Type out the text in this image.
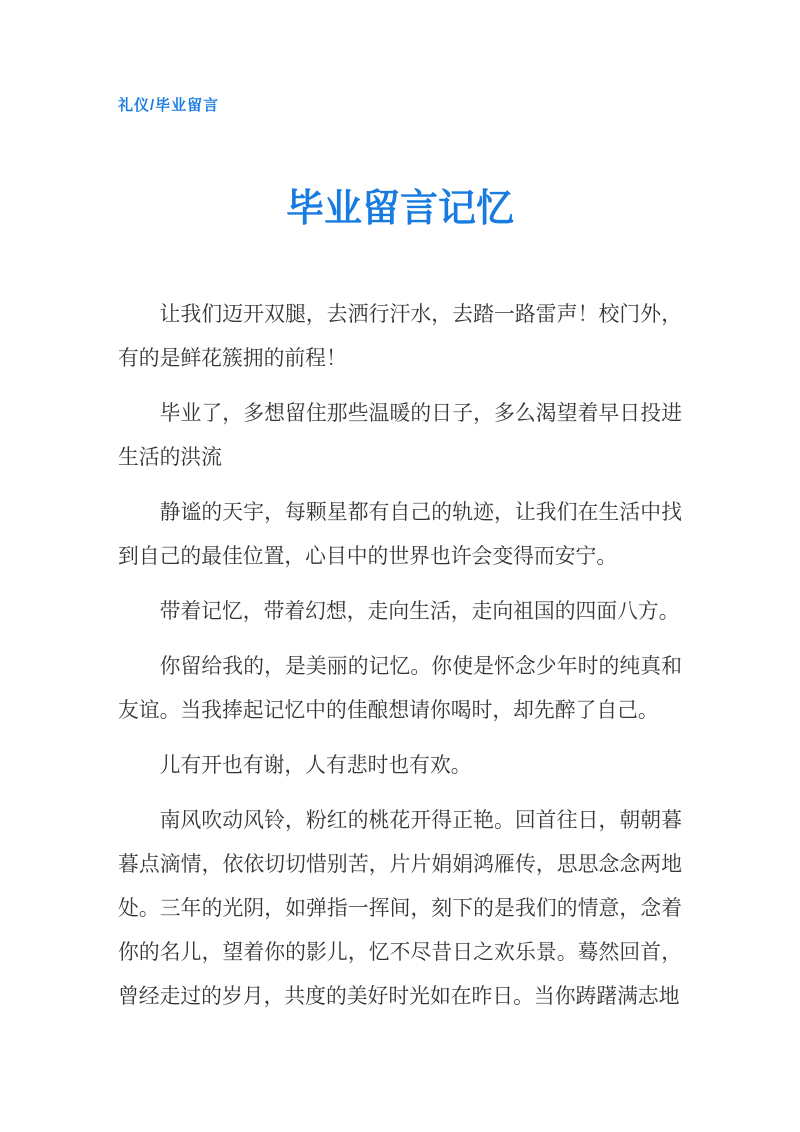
礼仪/毕业留言
毕业留言记忆

让我们迈开双腿，去洒行汗水，去踏一路雷声！校门外，有的是鲜花簇拥的前程！

毕业了，多想留住那些温暖的日子，多么渴望着早日投进生活的洪流

静谧的天宇，每颗星都有自己的轨迹，让我们在生活中找到自己的最佳位置，心目中的世界也许会变得而安宁。

带着记忆，带着幻想，走向生活，走向祖国的四面八方。

你留给我的，是美丽的记忆。你使是怀念少年时的纯真和友谊。当我捧起记忆中的佳酿想请你喝时，却先醉了自己。

儿有开也有谢，人有悲时也有欢。

南风吹动风铃，粉红的桃花开得正艳。回首往日，朝朝暮暮点滴情，依依切切惜别苦，片片娟娟鸿雁传，思思念念两地处。三年的光阴，如弹指一挥间，刻下的是我们的情意，念着你的名儿，望着你的影儿，忆不尽昔日之欢乐景。蓦然回首，曾经走过的岁月，共度的美好时光如在昨日。当你踌躇满志地
